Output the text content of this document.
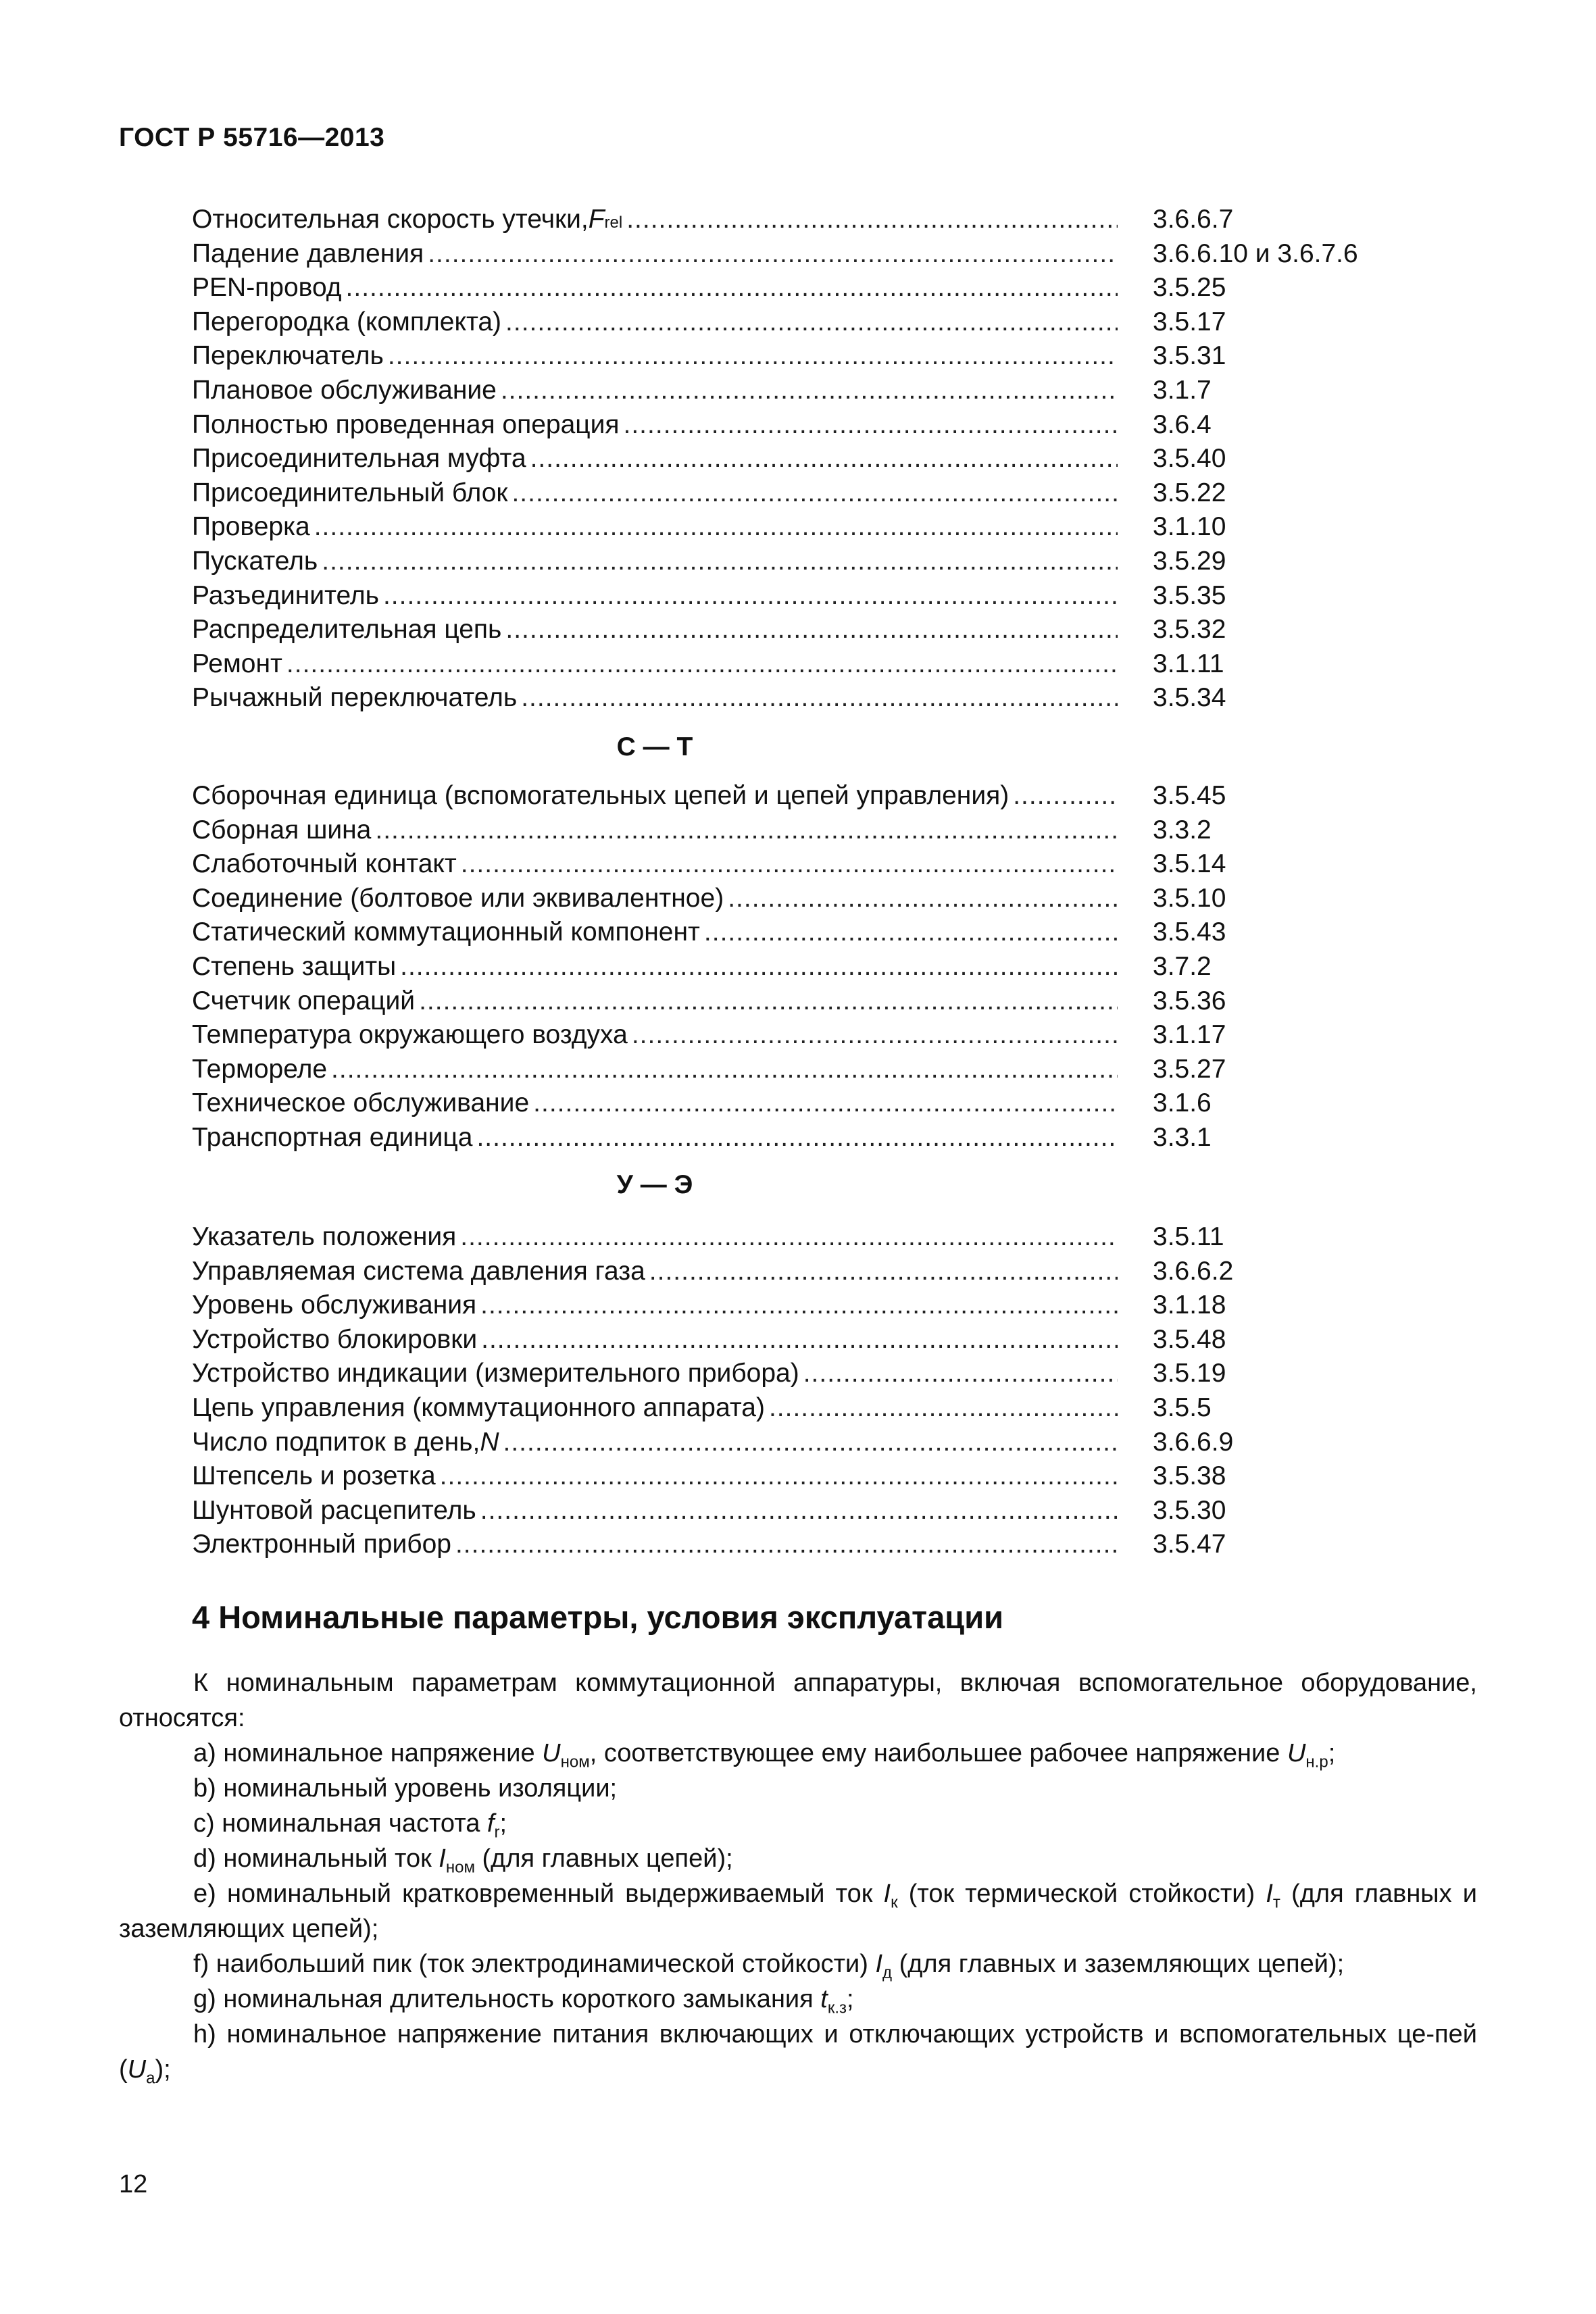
ГОСТ Р 55716—2013
Относительная скорость утечки, F rel .....	3.6.6.7
Падение давления .....	3.6.6.10 и 3.6.7.6
PEN-провод .....	3.5.25
Перегородка (комплекта) .....	3.5.17
Переключатель .....	3.5.31
Плановое обслуживание .....	3.1.7
Полностью проведенная операция .....	3.6.4
Присоединительная муфта .....	3.5.40
Присоединительный блок .....	3.5.22
Проверка .....	3.1.10
Пускатель .....	3.5.29
Разъединитель .....	3.5.35
Распределительная цепь .....	3.5.32
Ремонт .....	3.1.11
Рычажный переключатель .....	3.5.34
С — Т
Сборочная единица (вспомогательных цепей и цепей управления) .....	3.5.45
Сборная шина .....	3.3.2
Слаботочный контакт .....	3.5.14
Соединение (болтовое или эквивалентное) .....	3.5.10
Статический коммутационный компонент .....	3.5.43
Степень защиты .....	3.7.2
Счетчик операций .....	3.5.36
Температура окружающего воздуха .....	3.1.17
Термореле .....	3.5.27
Техническое обслуживание .....	3.1.6
Транспортная единица .....	3.3.1
У — Э
Указатель положения .....	3.5.11
Управляемая система давления газа .....	3.6.6.2
Уровень обслуживания .....	3.1.18
Устройство блокировки .....	3.5.48
Устройство индикации (измерительного прибора) .....	3.5.19
Цепь управления (коммутационного аппарата) .....	3.5.5
Число подпиток в день, N .....	3.6.6.9
Штепсель и розетка .....	3.5.38
Шунтовой расцепитель .....	3.5.30
Электронный прибор .....	3.5.47
4 Номинальные параметры, условия эксплуатации
К номинальным параметрам коммутационной аппаратуры, включая вспомогательное оборудование, относятся:
а) номинальное напряжение $U_{ном}$, соответствующее ему наибольшее рабочее напряжение $U_{н.р}$;
b) номинальный уровень изоляции;
с) номинальная частота $f_r$;
d) номинальный ток $I_{ном}$ (для главных цепей);
е) номинальный кратковременный выдерживаемый ток $I_к$ (ток термической стойкости) $I_т$ (для главных и заземляющих цепей);
f) наибольший пик (ток электродинамической стойкости) $I_д$ (для главных и заземляющих цепей);
g) номинальная длительность короткого замыкания $t_{к.з}$;
h) номинальное напряжение питания включающих и отключающих устройств и вспомогательных це-пей $(U_a)$;
12
